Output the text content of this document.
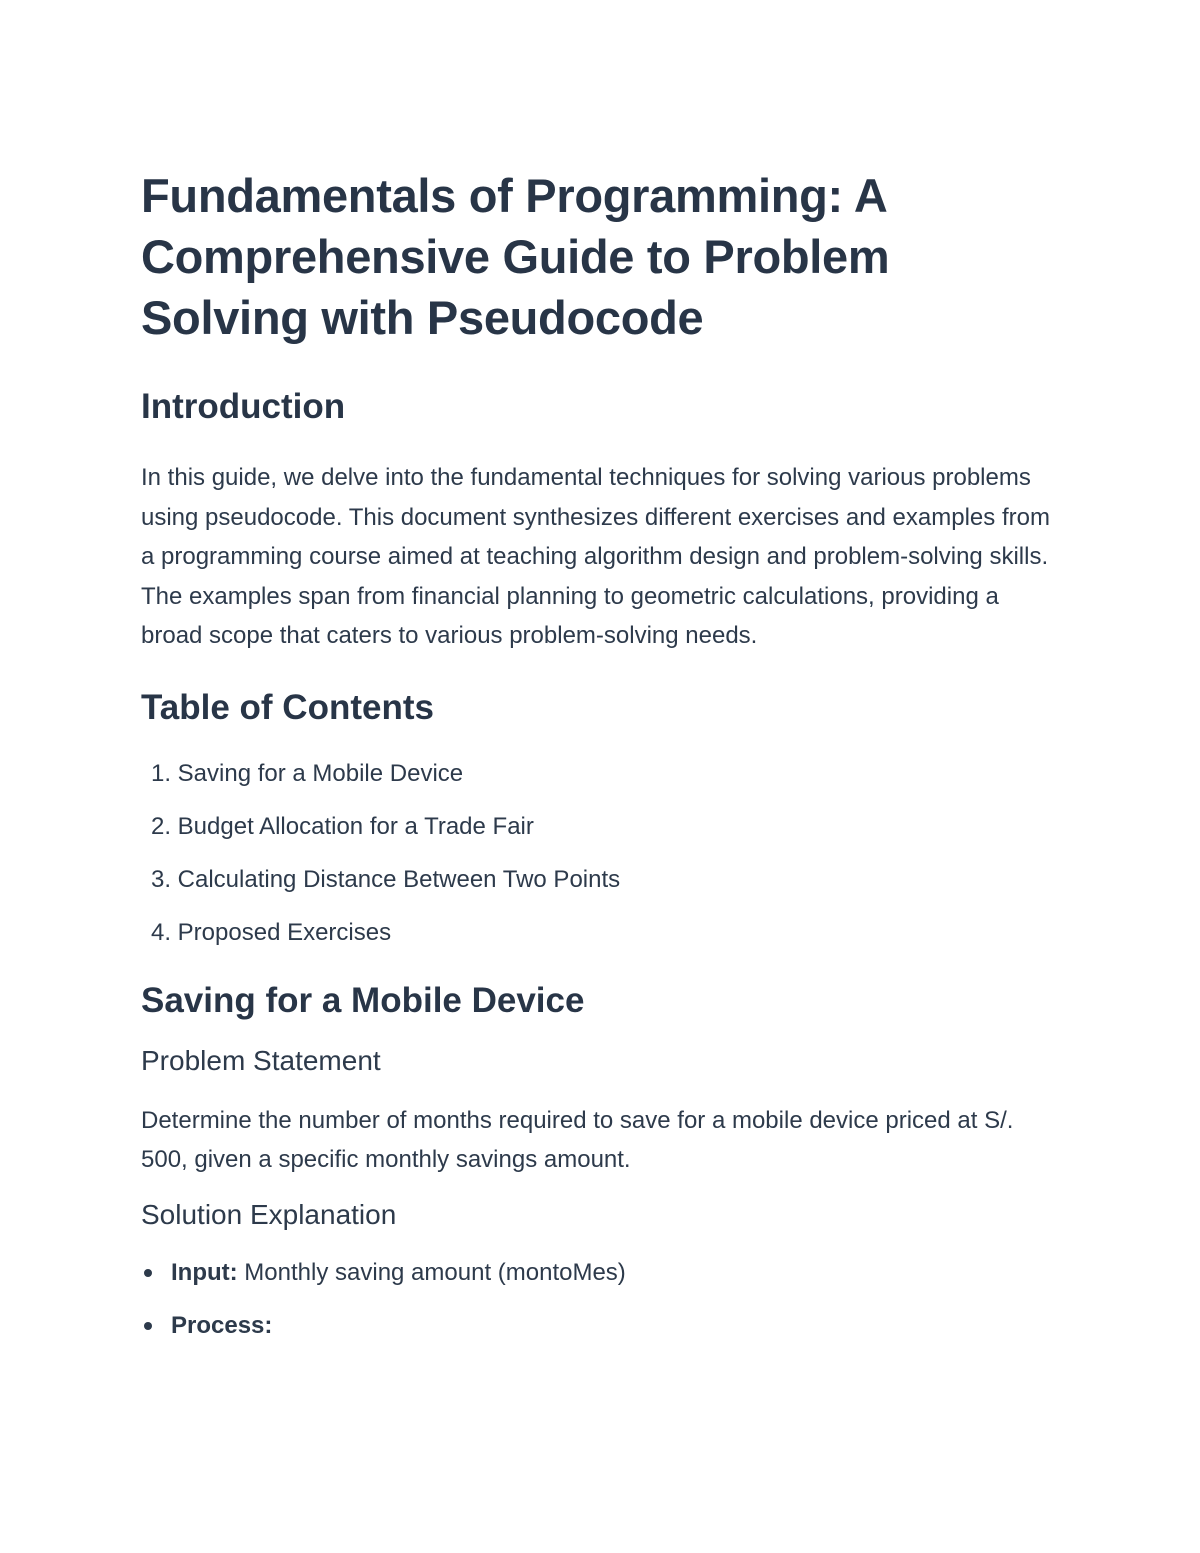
Fundamentals of Programming: A Comprehensive Guide to Problem Solving with Pseudocode
Introduction

In this guide, we delve into the fundamental techniques for solving various problems using pseudocode. This document synthesizes different exercises and examples from a programming course aimed at teaching algorithm design and problem-solving skills. The examples span from financial planning to geometric calculations, providing a broad scope that caters to various problem-solving needs.

Table of Contents
1. Saving for a Mobile Device
2. Budget Allocation for a Trade Fair
3. Calculating Distance Between Two Points
4. Proposed Exercises
Saving for a Mobile Device
Problem Statement

Determine the number of months required to save for a mobile device priced at S/. 500, given a specific monthly savings amount.

Solution Explanation
Input: Monthly saving amount (montoMes)
Process:
